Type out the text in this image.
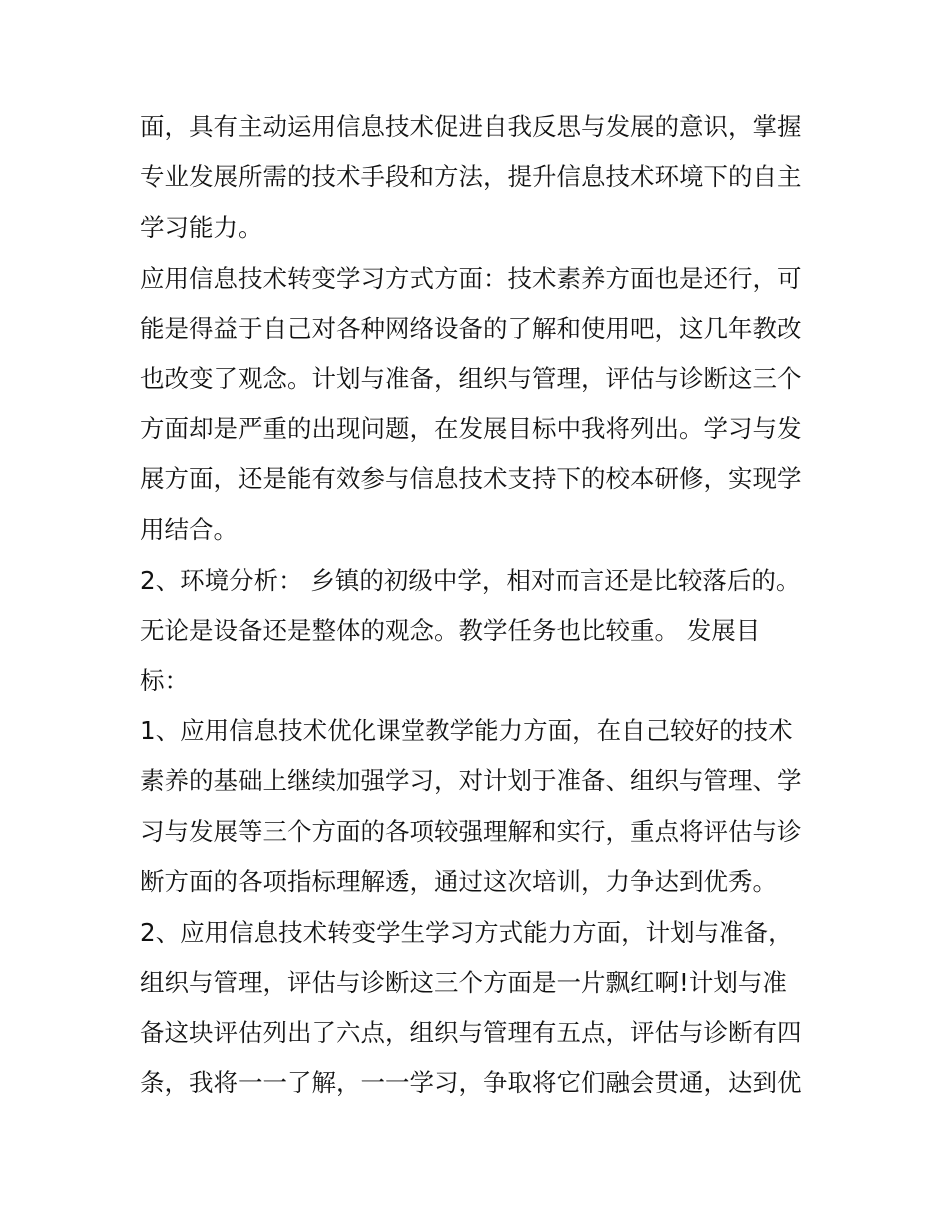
面，具有主动运用信息技术促进自我反思与发展的意识，掌握
专业发展所需的技术手段和方法，提升信息技术环境下的自主
学习能力。
应用信息技术转变学习方式方面：技术素养方面也是还行，可
能是得益于自己对各种网络设备的了解和使用吧，这几年教改
也改变了观念。计划与准备，组织与管理，评估与诊断这三个
方面却是严重的出现问题，在发展目标中我将列出。学习与发
展方面，还是能有效参与信息技术支持下的校本研修，实现学
用结合。
2、环境分析： 乡镇的初级中学，相对而言还是比较落后的。
无论是设备还是整体的观念。教学任务也比较重。 发展目
标：
1、应用信息技术优化课堂教学能力方面，在自己较好的技术
素养的基础上继续加强学习，对计划于准备、组织与管理、学
习与发展等三个方面的各项较强理解和实行，重点将评估与诊
断方面的各项指标理解透，通过这次培训，力争达到优秀。
2、应用信息技术转变学生学习方式能力方面，计划与准备，
组织与管理，评估与诊断这三个方面是一片飘红啊!计划与准
备这块评估列出了六点，组织与管理有五点，评估与诊断有四
条，我将一一了解，一一学习，争取将它们融会贯通，达到优
